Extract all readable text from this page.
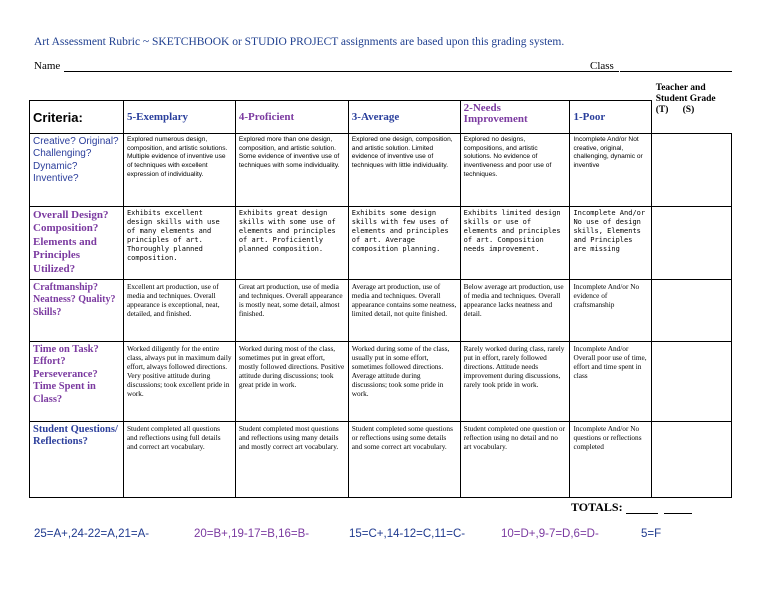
Art Assessment Rubric ~ SKETCHBOOK or STUDIO PROJECT assignments are based upon this grading system.
Name	Class
Criteria:	5-Exemplary	4-Proficient	3-Average	2-Needs Improvement	1-Poor	Teacher and Student Grade
(T)      (S)

Creative? Original? Challenging? Dynamic? Inventive?	Explored numerous design, composition, and artistic solutions. Multiple evidence of inventive use of techniques with excellent expression of individuality.	Explored more than one design, composition, and artistic solution. Some evidence of inventive use of techniques with some individuality.	Explored one design, composition, and artistic solution. Limited evidence of inventive use of techniques with little individuality.	Explored no designs, compositions, and artistic solutions. No evidence of inventiveness and poor use of techniques.	Incomplete And/or Not creative, original, challenging, dynamic or inventive	
Overall Design? Composition? Elements and Principles Utilized?	Exhibits excellent design skills with use of many elements and principles of art. Thoroughly planned composition.	Exhibits great design skills with some use of elements and principles of art. Proficiently planned composition.	Exhibits some design skills with few uses of elements and principles of art. Average composition planning.	Exhibits limited design skills or use of elements and principles of art. Composition needs improvement.	Incomplete And/or No use of design skills, Elements and Principles are missing	
Craftmanship? Neatness? Quality? Skills?	Excellent art production, use of media and techniques. Overall appearance is exceptional, neat, detailed, and finished.	Great art production, use of media and techniques. Overall appearance is mostly neat, some detail, almost finished.	Average art production, use of media and techniques. Overall appearance contains some neatness, limited detail, not quite finished.	Below average art production, use of media and techniques. Overall appearance lacks neatness and detail.	Incomplete And/or No evidence of craftsmanship	
Time on Task? Effort? Perseverance? Time Spent in Class?	Worked diligently for the entire class, always put in maximum daily effort, always followed directions. Very positive attitude during discussions; took excellent pride in work.	Worked during most of the class, sometimes put in great effort, mostly followed directions. Positive attitude during discussions; took great pride in work.	Worked during some of the class, usually put in some effort, sometimes followed directions. Average attitude during discussions; took some pride in work.	Rarely worked during class, rarely put in effort, rarely followed directions. Attitude needs improvement during discussions, rarely took pride in work.	Incomplete And/or Overall poor use of time, effort and time spent in class	
Student Questions/ Reflections?	Student completed all questions and reflections using full details and correct art vocabulary.	Student completed most questions and reflections using many details and mostly correct art vocabulary.	Student completed some questions or reflections using some details and some correct art vocabulary.	Student completed one question or reflection using no detail and no art vocabulary.	Incomplete And/or No questions or reflections completed	
TOTALS:
25=A+,24-22=A,21=A-	20=B+,19-17=B,16=B-	15=C+,14-12=C,11=C-	10=D+,9-7=D,6=D-	5=F
